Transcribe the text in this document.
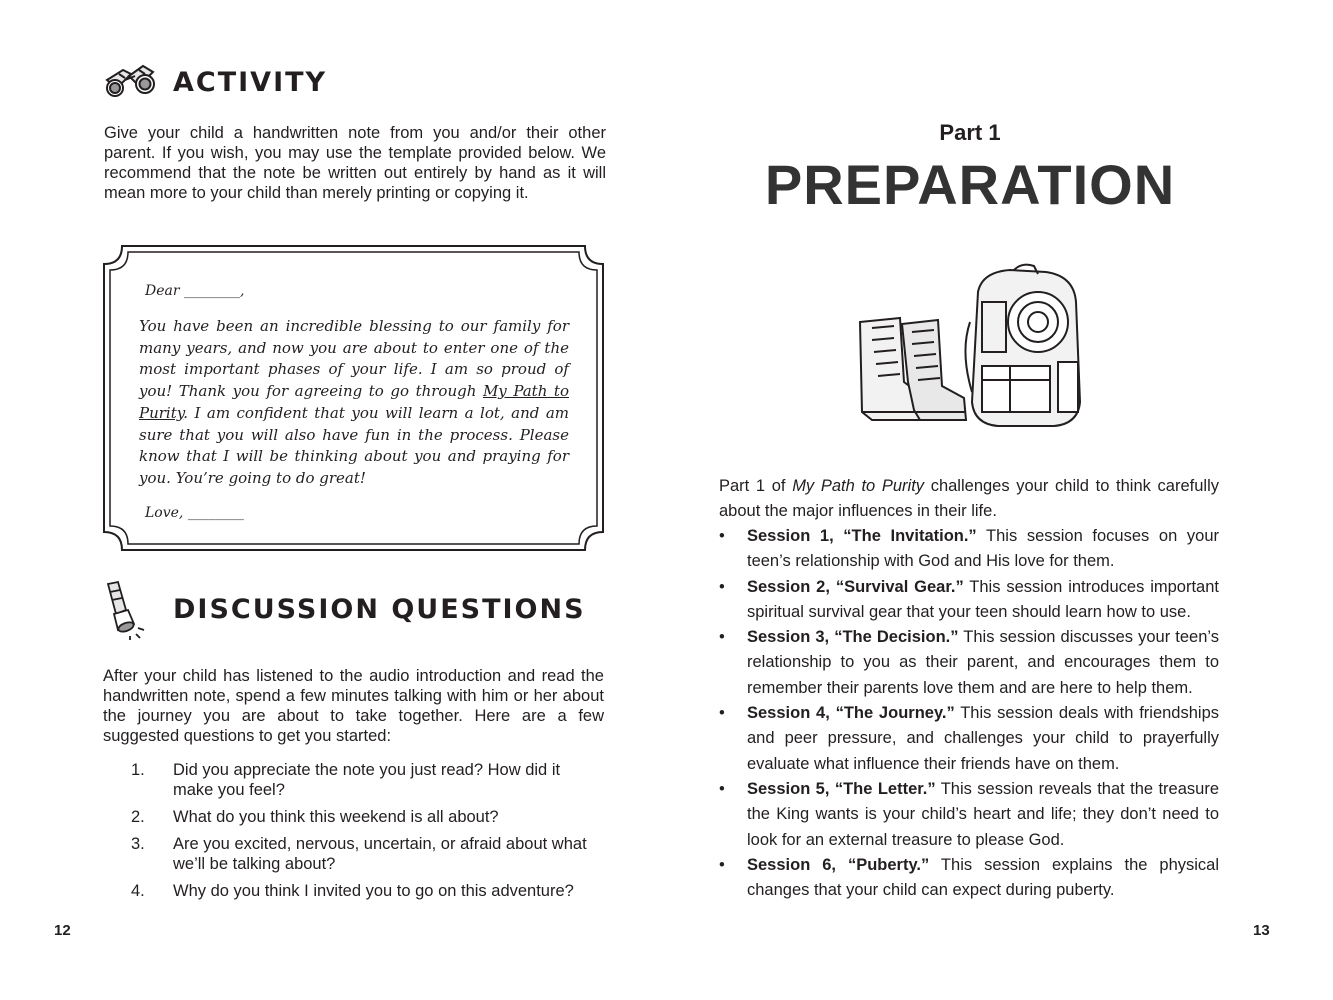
ACTIVITY
Give your child a handwritten note from you and/or their other parent. If you wish, you may use the template provided below. We recommend that the note be written out entirely by hand as it will mean more to your child than merely printing or copying it.
Dear ________,
You have been an incredible blessing to our family for many years, and now you are about to enter one of the most important phases of your life. I am so proud of you! Thank you for agreeing to go through My Path to Purity. I am confident that you will learn a lot, and am sure that you will also have fun in the process. Please know that I will be thinking about you and praying for you. You’re going to do great!
Love, ________
DISCUSSION QUESTIONS
After your child has listened to the audio introduction and read the handwritten note, spend a few minutes talking with him or her about the journey you are about to take together. Here are a few suggested questions to get you started:
1. Did you appreciate the note you just read? How did it make you feel?
2. What do you think this weekend is all about?
3. Are you excited, nervous, uncertain, or afraid about what we’ll be talking about?
4. Why do you think I invited you to go on this adventure?
12
Part 1
PREPARATION
Part 1 of My Path to Purity challenges your child to think carefully about the major influences in their life.
• Session 1, “The Invitation.” This session focuses on your teen’s relationship with God and His love for them.
• Session 2, “Survival Gear.” This session introduces important spiritual survival gear that your teen should learn how to use.
• Session 3, “The Decision.” This session discusses your teen’s relationship to you as their parent, and encourages them to remember their parents love them and are here to help them.
• Session 4, “The Journey.” This session deals with friendships and peer pressure, and challenges your child to prayerfully evaluate what influence their friends have on them.
• Session 5, “The Letter.” This session reveals that the treasure the King wants is your child’s heart and life; they don’t need to look for an external treasure to please God.
• Session 6, “Puberty.” This session explains the physical changes that your child can expect during puberty.
13
